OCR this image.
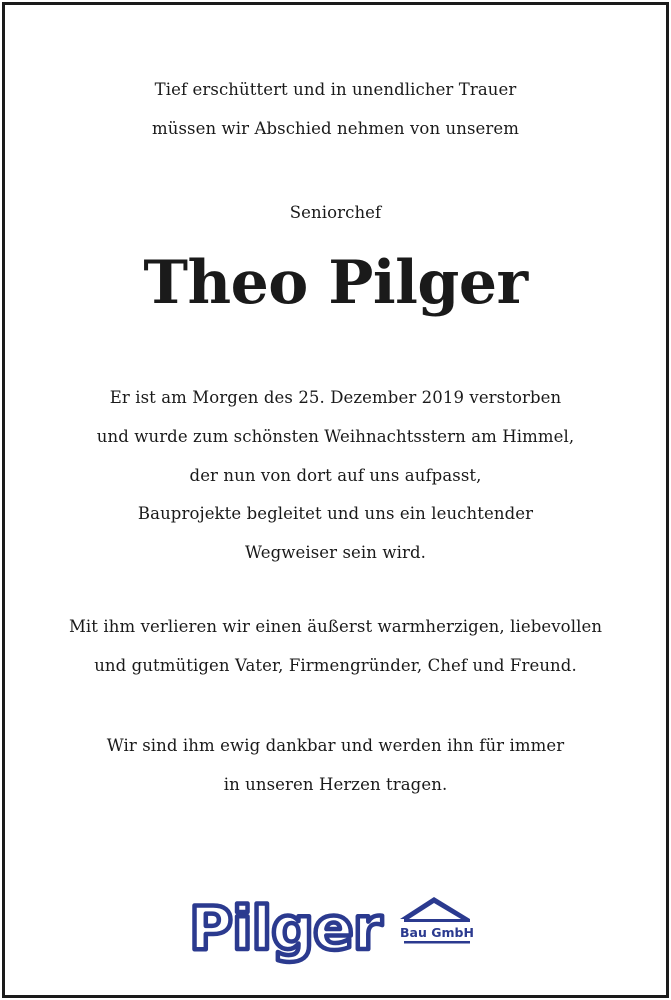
Tief erschüttert und in unendlicher Trauer
müssen wir Abschied nehmen von unserem
Seniorchef
Theo Pilger
Er ist am Morgen des 25. Dezember 2019 verstorben
und wurde zum schönsten Weihnachtsstern am Himmel,
der nun von dort auf uns aufpasst,
Bauprojekte begleitet und uns ein leuchtender
Wegweiser sein wird.
Mit ihm verlieren wir einen äußerst warmherzigen, liebevollen
und gutmütigen Vater, Firmengründer, Chef und Freund.
Wir sind ihm ewig dankbar und werden ihn für immer
in unseren Herzen tragen.
Pilger Bau GmbH
